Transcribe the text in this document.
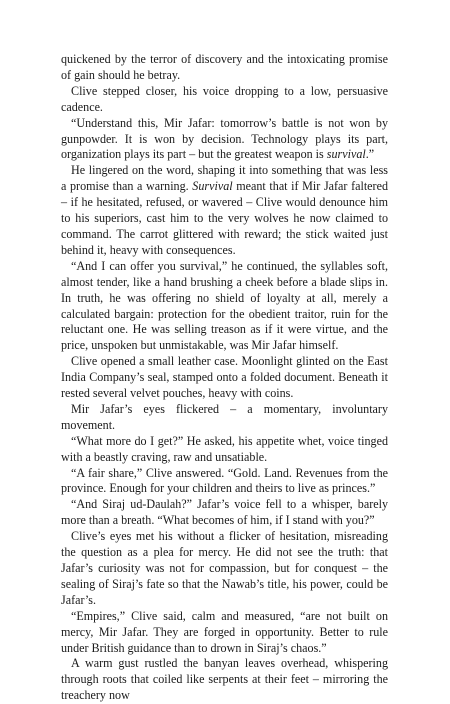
quickened by the terror of discovery and the intoxicating promise of gain should he betray.

Clive stepped closer, his voice dropping to a low, persuasive cadence.

“Understand this, Mir Jafar: tomorrow’s battle is not won by gunpowder. It is won by decision. Technology plays its part, organization plays its part – but the greatest weapon is survival.”

He lingered on the word, shaping it into something that was less a promise than a warning. Survival meant that if Mir Jafar faltered – if he hesitated, refused, or wavered – Clive would denounce him to his superiors, cast him to the very wolves he now claimed to command. The carrot glittered with reward; the stick waited just behind it, heavy with consequences.

“And I can offer you survival,” he continued, the syllables soft, almost tender, like a hand brushing a cheek before a blade slips in. In truth, he was offering no shield of loyalty at all, merely a calculated bargain: protection for the obedient traitor, ruin for the reluctant one. He was selling treason as if it were virtue, and the price, unspoken but unmistakable, was Mir Jafar himself.

Clive opened a small leather case. Moonlight glinted on the East India Company’s seal, stamped onto a folded document. Beneath it rested several velvet pouches, heavy with coins.

Mir Jafar’s eyes flickered – a momentary, involuntary movement.

“What more do I get?” He asked, his appetite whet, voice tinged with a beastly craving, raw and unsatiable.

“A fair share,” Clive answered. “Gold. Land. Revenues from the province. Enough for your children and theirs to live as princes.”

“And Siraj ud-Daulah?” Jafar’s voice fell to a whisper, barely more than a breath. “What becomes of him, if I stand with you?”

Clive’s eyes met his without a flicker of hesitation, misreading the question as a plea for mercy. He did not see the truth: that Jafar’s curiosity was not for compassion, but for conquest – the sealing of Siraj’s fate so that the Nawab’s title, his power, could be Jafar’s.

“Empires,” Clive said, calm and measured, “are not built on mercy, Mir Jafar. They are forged in opportunity. Better to rule under British guidance than to drown in Siraj’s chaos.”

A warm gust rustled the banyan leaves overhead, whispering through roots that coiled like serpents at their feet – mirroring the treachery now
